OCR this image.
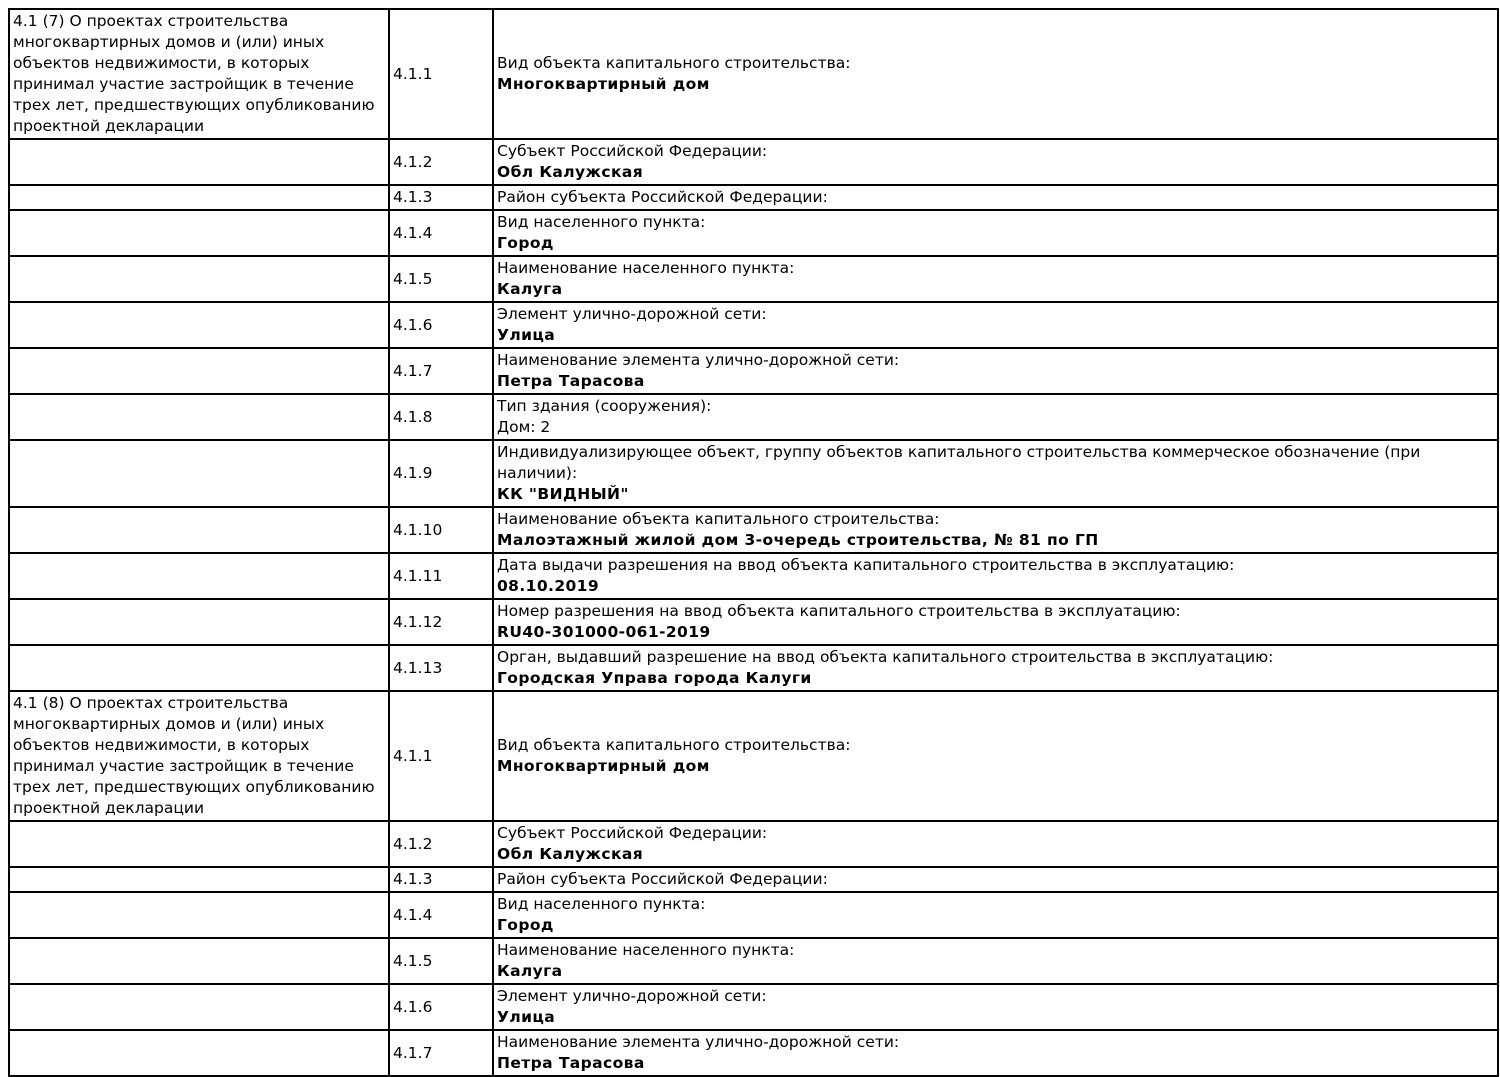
4.1 (7) О проектах строительства многоквартирных домов и (или) иных объектов недвижимости, в которых принимал участие застройщик в течение трех лет, предшествующих опубликованию проектной декларации	4.1.1	Вид объекта капитального строительства:
Многоквартирный дом

	4.1.2	Субъект Российской Федерации:
Обл Калужская

	4.1.3	Район субъекта Российской Федерации:

	4.1.4	Вид населенного пункта:
Город

	4.1.5	Наименование населенного пункта:
Калуга

	4.1.6	Элемент улично-дорожной сети:
Улица

	4.1.7	Наименование элемента улично-дорожной сети:
Петра Тарасова

	4.1.8	Тип здания (сооружения):
Дом: 2

	4.1.9	Индивидуализирующее объект, группу объектов капитального строительства коммерческое обозначение (при наличии):
КК "ВИДНЫЙ"

	4.1.10	Наименование объекта капитального строительства:
Малоэтажный жилой дом 3-очередь строительства, № 81 по ГП

	4.1.11	Дата выдачи разрешения на ввод объекта капитального строительства в эксплуатацию:
08.10.2019

	4.1.12	Номер разрешения на ввод объекта капитального строительства в эксплуатацию:
RU40-301000-061-2019

	4.1.13	Орган, выдавший разрешение на ввод объекта капитального строительства в эксплуатацию:
Городская Управа города Калуги

4.1 (8) О проектах строительства многоквартирных домов и (или) иных объектов недвижимости, в которых принимал участие застройщик в течение трех лет, предшествующих опубликованию проектной декларации	4.1.1	Вид объекта капитального строительства:
Многоквартирный дом

	4.1.2	Субъект Российской Федерации:
Обл Калужская

	4.1.3	Район субъекта Российской Федерации:

	4.1.4	Вид населенного пункта:
Город

	4.1.5	Наименование населенного пункта:
Калуга

	4.1.6	Элемент улично-дорожной сети:
Улица

	4.1.7	Наименование элемента улично-дорожной сети:
Петра Тарасова
